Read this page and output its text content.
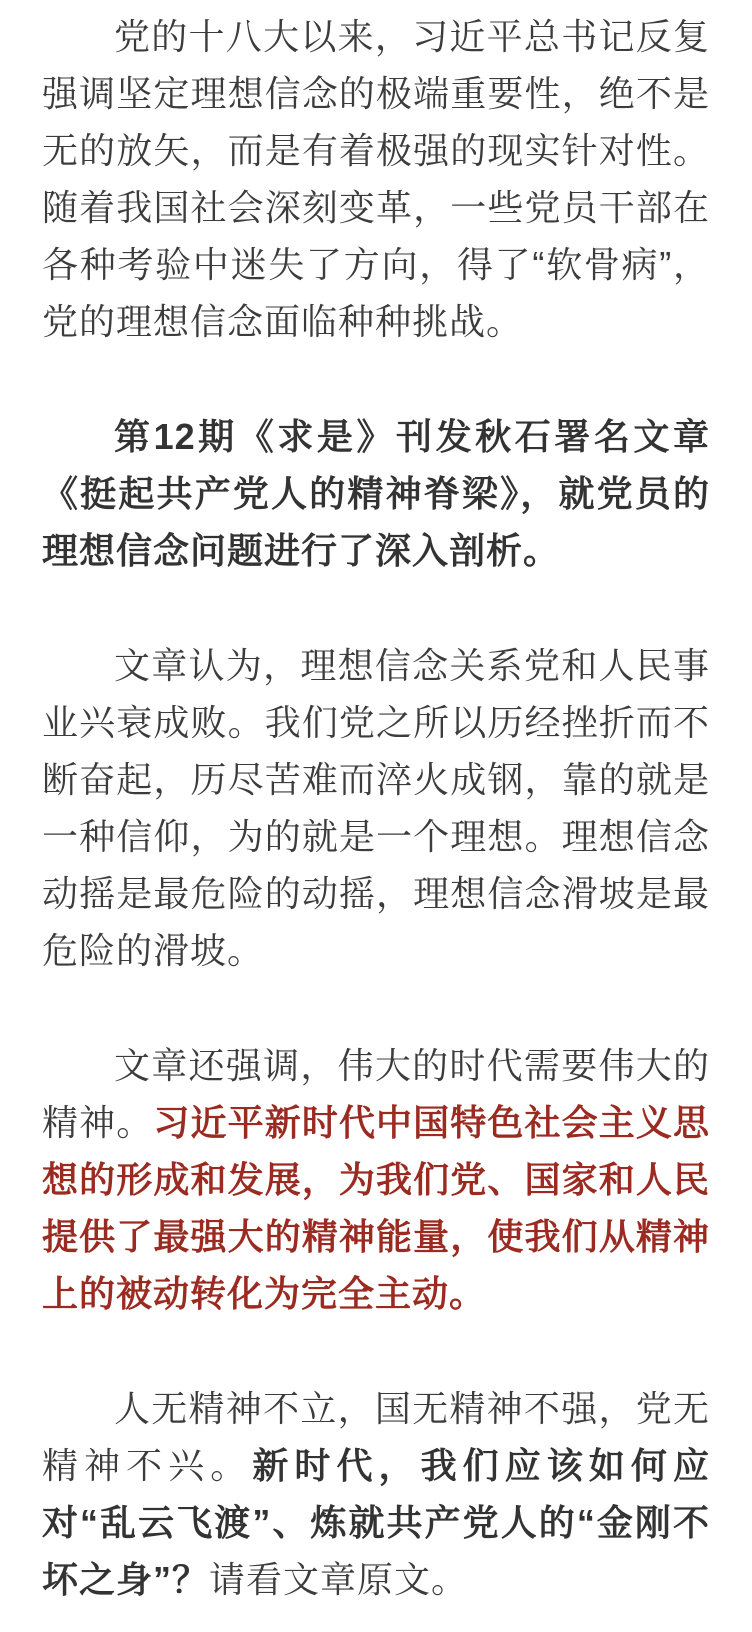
党的十八大以来，习近平总书记反复强调坚定理想信念的极端重要性，绝不是无的放矢，而是有着极强的现实针对性。随着我国社会深刻变革，一些党员干部在各种考验中迷失了方向，得了“软骨病”，党的理想信念面临种种挑战。

第12期《求是》刊发秋石署名文章《挺起共产党人的精神脊梁》，就党员的理想信念问题进行了深入剖析。

文章认为，理想信念关系党和人民事业兴衰成败。我们党之所以历经挫折而不断奋起，历尽苦难而淬火成钢，靠的就是一种信仰，为的就是一个理想。理想信念动摇是最危险的动摇，理想信念滑坡是最危险的滑坡。

文章还强调，伟大的时代需要伟大的精神。习近平新时代中国特色社会主义思想的形成和发展，为我们党、国家和人民提供了最强大的精神能量，使我们从精神上的被动转化为完全主动。

人无精神不立，国无精神不强，党无精神不兴。新时代，我们应该如何应对“乱云飞渡”、炼就共产党人的“金刚不坏之身”？请看文章原文。
